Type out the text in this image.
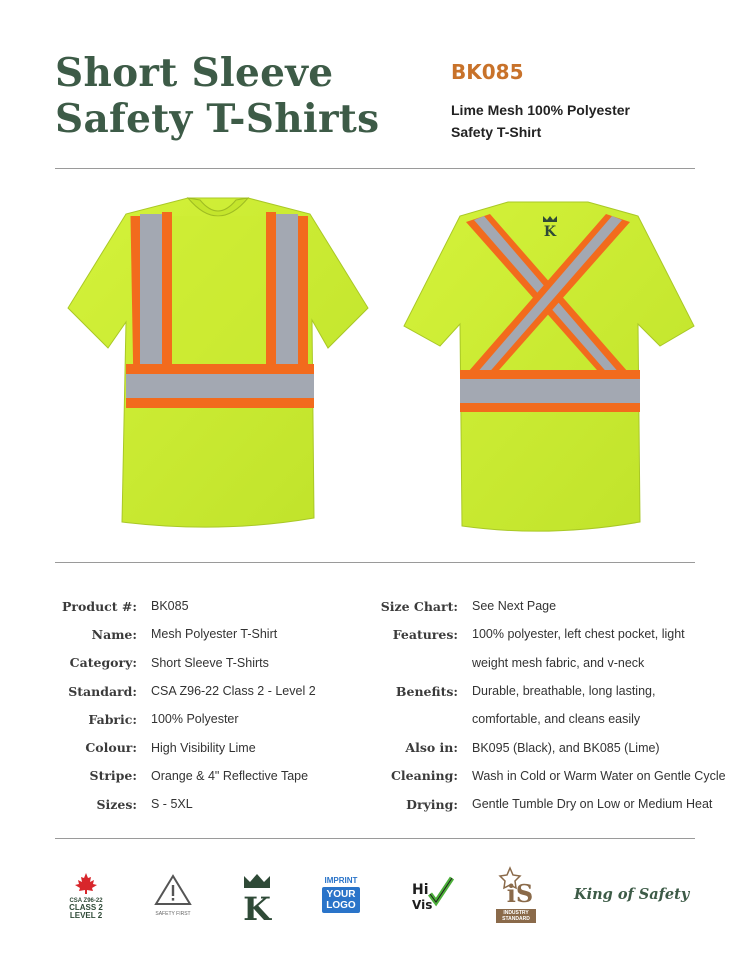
Short Sleeve
Safety T-Shirts
BK085
Lime Mesh 100% Polyester
Safety T-Shirt
K
Product #: BK085
Name: Mesh Polyester T-Shirt
Category: Short Sleeve T-Shirts
Standard: CSA Z96-22 Class 2 - Level 2
Fabric: 100% Polyester
Colour: High Visibility Lime
Stripe: Orange & 4" Reflective Tape
Sizes: S - 5XL
Size Chart: See Next Page
Features: 100% polyester, left chest pocket, light
weight mesh fabric, and v-neck
Benefits: Durable, breathable, long lasting,
comfortable, and cleans easily
Also in: BK095 (Black), and BK085 (Lime)
Cleaning: Wash in Cold or Warm Water on Gentle Cycle
Drying: Gentle Tumble Dry on Low or Medium Heat
CSA Z96-22
CLASS 2
LEVEL 2	SAFETY FIRST K
IMPRINT
YOUR
LOGO
Hi
Vis	iS
INDUSTRY
STANDARD
King of Safety
